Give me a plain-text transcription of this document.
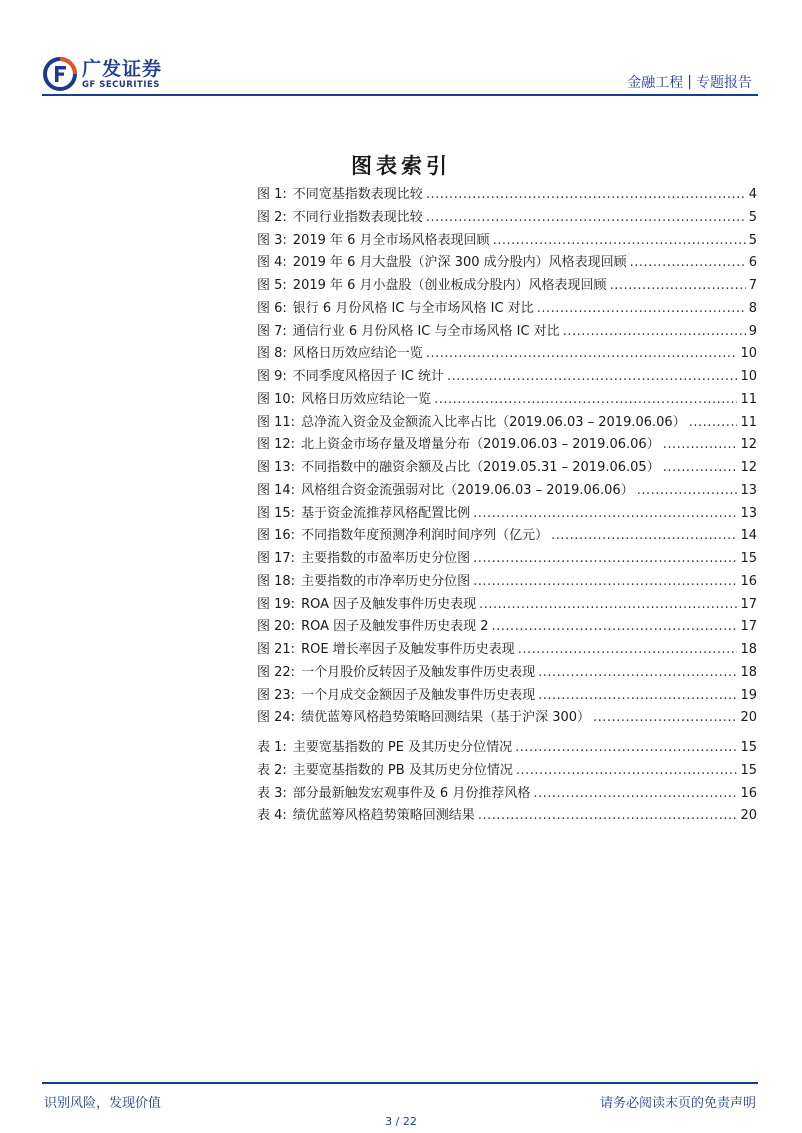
广发证券
GF SECURITIES	金融工程 | 专题报告
图表索引
图 1: 不同宽基指数表现比较 .....	4
图 2: 不同行业指数表现比较 .....	5
图 3: 2019 年 6 月全市场风格表现回顾 .....	5
图 4: 2019 年 6 月大盘股（沪深 300 成分股内）风格表现回顾 .....	6
图 5: 2019 年 6 月小盘股（创业板成分股内）风格表现回顾 .....	7
图 6: 银行 6 月份风格 IC 与全市场风格 IC 对比 .....	8
图 7: 通信行业 6 月份风格 IC 与全市场风格 IC 对比 .....	9
图 8: 风格日历效应结论一览 .....	10
图 9: 不同季度风格因子 IC 统计 .....	10
图 10: 风格日历效应结论一览 .....	11
图 11: 总净流入资金及金额流入比率占比（2019.06.03 – 2019.06.06） .....	11
图 12: 北上资金市场存量及增量分布（2019.06.03 – 2019.06.06） .....	12
图 13: 不同指数中的融资余额及占比（2019.05.31 – 2019.06.05） .....	12
图 14: 风格组合资金流强弱对比（2019.06.03 – 2019.06.06） .....	13
图 15: 基于资金流推荐风格配置比例 .....	13
图 16: 不同指数年度预测净利润时间序列（亿元） .....	14
图 17: 主要指数的市盈率历史分位图 .....	15
图 18: 主要指数的市净率历史分位图 .....	16
图 19: ROA 因子及触发事件历史表现 .....	17
图 20: ROA 因子及触发事件历史表现 2 .....	17
图 21: ROE 增长率因子及触发事件历史表现 .....	18
图 22: 一个月股价反转因子及触发事件历史表现 .....	18
图 23: 一个月成交金额因子及触发事件历史表现 .....	19
图 24: 绩优蓝筹风格趋势策略回测结果（基于沪深 300） .....	20
表 1: 主要宽基指数的 PE 及其历史分位情况 .....	15
表 2: 主要宽基指数的 PB 及其历史分位情况 .....	15
表 3: 部分最新触发宏观事件及 6 月份推荐风格 .....	16
表 4: 绩优蓝筹风格趋势策略回测结果 .....	20
识别风险，发现价值	请务必阅读末页的免责声明
3 / 22
